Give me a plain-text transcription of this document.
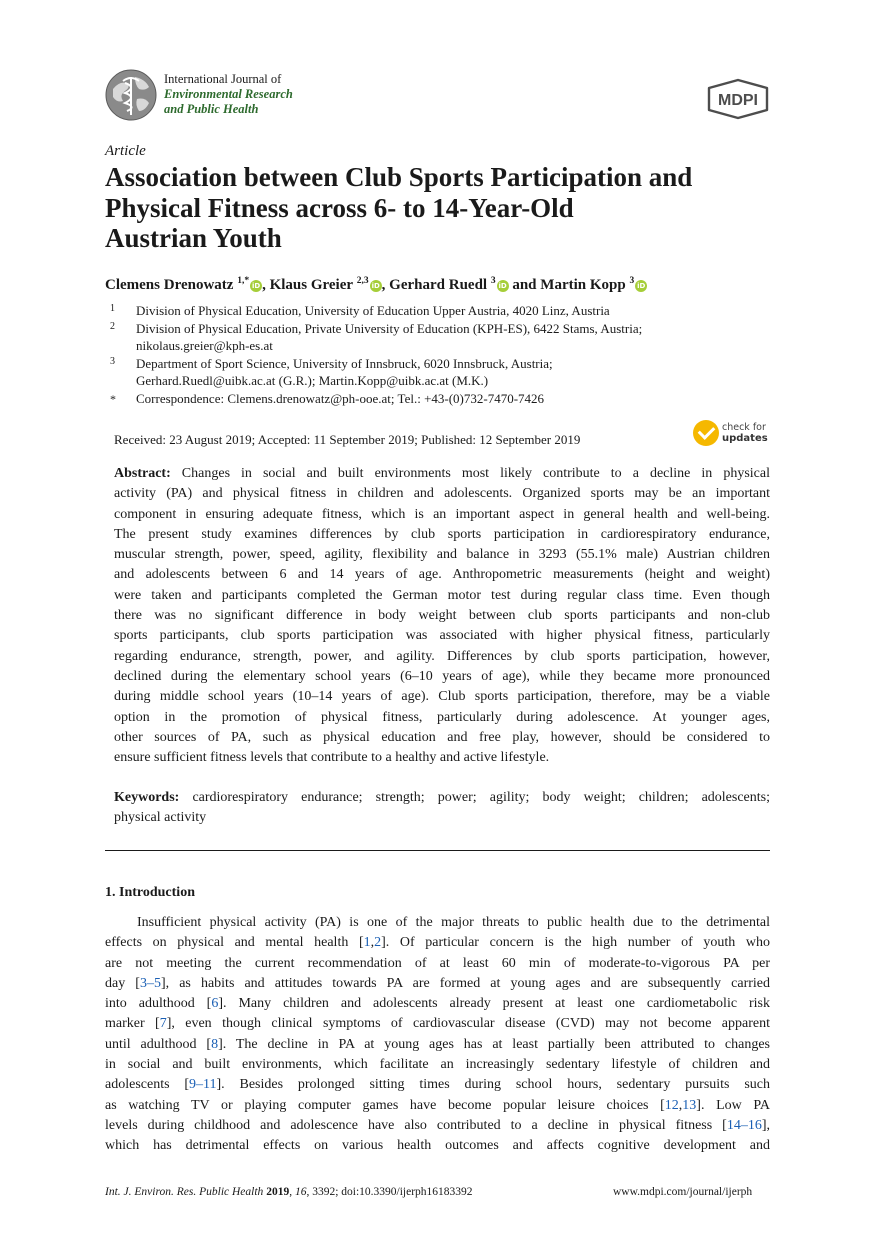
International Journal of
Environmental Research
and Public Health	MDPI
Article
Association between Club Sports Participation and
Physical Fitness across 6- to 14-Year-Old
Austrian Youth
Clemens Drenowatz $^{1,*}$ iD , Klaus Greier $^{2,3}$ iD , Gerhard Ruedl $^3$ iD and Martin Kopp $^3$ iD
1 Division of Physical Education, University of Education Upper Austria, 4020 Linz, Austria
2 Division of Physical Education, Private University of Education (KPH-ES), 6422 Stams, Austria;
nikolaus.greier@kph-es.at
3 Department of Sport Science, University of Innsbruck, 6020 Innsbruck, Austria;
Gerhard.Ruedl@uibk.ac.at (G.R.); Martin.Kopp@uibk.ac.at (M.K.)
* Correspondence: Clemens.drenowatz@ph-ooe.at; Tel.: +43-(0)732-7470-7426
Received: 23 August 2019; Accepted: 11 September 2019; Published: 12 September 2019
check for
updates
Abstract: Changes in social and built environments most likely contribute to a decline in physical
activity (PA) and physical fitness in children and adolescents. Organized sports may be an important
component in ensuring adequate fitness, which is an important aspect in general health and well-being.
The present study examines differences by club sports participation in cardiorespiratory endurance,
muscular strength, power, speed, agility, flexibility and balance in 3293 (55.1% male) Austrian children
and adolescents between 6 and 14 years of age. Anthropometric measurements (height and weight)
were taken and participants completed the German motor test during regular class time. Even though
there was no significant difference in body weight between club sports participants and non-club
sports participants, club sports participation was associated with higher physical fitness, particularly
regarding endurance, strength, power, and agility. Differences by club sports participation, however,
declined during the elementary school years (6–10 years of age), while they became more pronounced
during middle school years (10–14 years of age). Club sports participation, therefore, may be a viable
option in the promotion of physical fitness, particularly during adolescence. At younger ages,
other sources of PA, such as physical education and free play, however, should be considered to
ensure sufficient fitness levels that contribute to a healthy and active lifestyle.
Keywords: cardiorespiratory endurance; strength; power; agility; body weight; children; adolescents;
physical activity
1. Introduction
Insufficient physical activity (PA) is one of the major threats to public health due to the detrimental
effects on physical and mental health [1,2]. Of particular concern is the high number of youth who
are not meeting the current recommendation of at least 60 min of moderate-to-vigorous PA per
day [3–5], as habits and attitudes towards PA are formed at young ages and are subsequently carried
into adulthood [6]. Many children and adolescents already present at least one cardiometabolic risk
marker [7], even though clinical symptoms of cardiovascular disease (CVD) may not become apparent
until adulthood [8]. The decline in PA at young ages has at least partially been attributed to changes
in social and built environments, which facilitate an increasingly sedentary lifestyle of children and
adolescents [9–11]. Besides prolonged sitting times during school hours, sedentary pursuits such
as watching TV or playing computer games have become popular leisure choices [12,13]. Low PA
levels during childhood and adolescence have also contributed to a decline in physical fitness [14–16],
which has detrimental effects on various health outcomes and affects cognitive development and
Int. J. Environ. Res. Public Health 2019, 16, 3392; doi:10.3390/ijerph16183392	www.mdpi.com/journal/ijerph
